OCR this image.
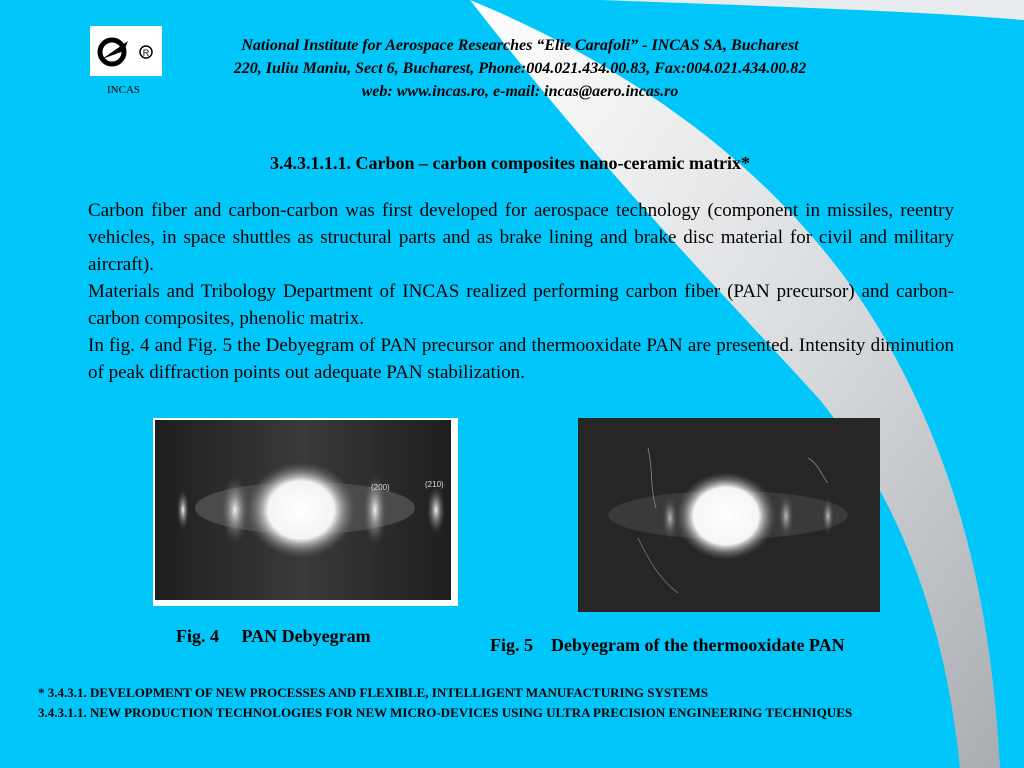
R
INCAS
National Institute for Aerospace Researches “Elie Carafoli” - INCAS SA, Bucharest
220, Iuliu Maniu, Sect 6, Bucharest, Phone:004.021.434.00.83, Fax:004.021.434.00.82
web: www.incas.ro, e-mail: incas@aero.incas.ro
3.4.3.1.1.1. Carbon – carbon composites nano-ceramic matrix*

Carbon fiber and carbon-carbon was first developed for aerospace technology (component in missiles, reentry vehicles, in space shuttles as structural parts and as brake lining and brake disc material for civil and military aircraft).

Materials and Tribology Department of INCAS realized performing carbon fiber (PAN precursor) and carbon-carbon composites, phenolic matrix.

In fig. 4 and Fig. 5 the Debyegram of PAN precursor and thermooxidate PAN are presented. Intensity diminution of peak diffraction points out adequate PAN stabilization.

(200)	(210)
Fig. 4     PAN Debyegram	Fig. 5    Debyegram of the thermooxidate PAN

* 3.4.3.1. DEVELOPMENT OF NEW PROCESSES AND FLEXIBLE, INTELLIGENT MANUFACTURING SYSTEMS

3.4.3.1.1. NEW PRODUCTION TECHNOLOGIES FOR NEW MICRO-DEVICES USING ULTRA PRECISION ENGINEERING TECHNIQUES
